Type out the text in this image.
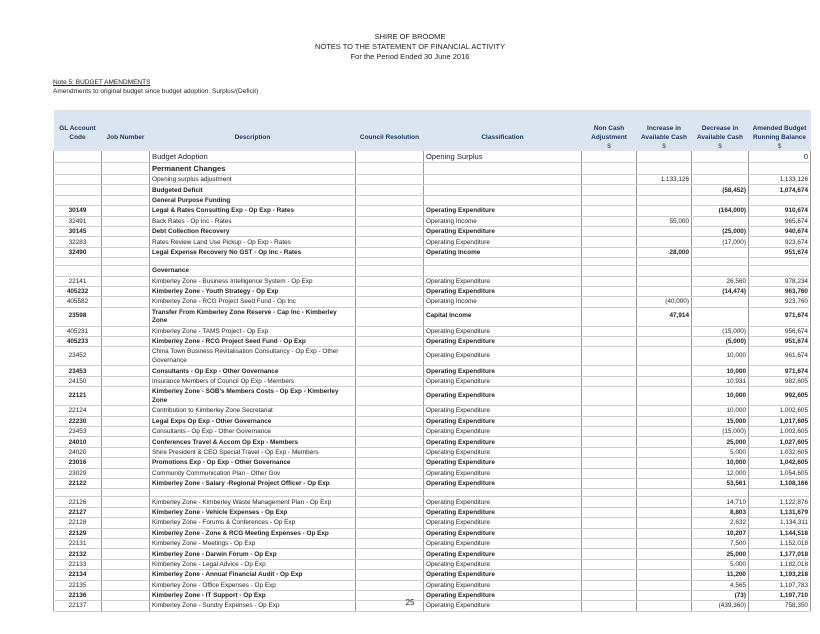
SHIRE OF BROOME
NOTES TO THE STATEMENT OF FINANCIAL ACTIVITY
For the Period Ended 30 June 2016
Note 5: BUDGET AMENDMENTS
Amendments to original budget since budget adoption. Surplus/(Deficit)
GL Account Code	Job Number	Description	Council Resolution	Classification	Non Cash Adjustment	Increase in Available Cash	Decrease in Available Cash	Amended Budget Running Balance
					$	$	$	$
		Budget Adoption		Opening Surplus				0
		Permanent Changes						
		Opening surplus adjustment				1,133,126		1,133,126
		Budgeted Deficit					(58,452)	1,074,674
		General Purpose Funding						
30149		Legal & Rates Consulting Exp - Op Exp - Rates		Operating Expenditure			(164,000)	910,674
32491		Back Rates - Op Inc - Rates		Operating Income		55,000		965,674
30145		Debt Collection Recovery		Operating Expenditure			(25,000)	940,674
32283		Rates Review Land Use Pickup - Op Exp - Rates		Operating Expenditure			(17,000)	923,674
32490		Legal Expense Recovery No GST - Op Inc - Rates		Operating Income		28,000		951,674

		Governance						
22141		Kimberley Zone - Business Intelligence System - Op Exp		Operating Expenditure			26,560	978,234
405232		Kimberley Zone - Youth Strategy - Op Exp		Operating Expenditure			(14,474)	963,760
405582		Kimberley Zone - RCG Project Seed Fund - Op Inc		Operating Income		(40,000)		923,760
23598		Transfer From Kimberley Zone Reserve - Cap Inc - Kimberley Zone		Capital Income		47,914		971,674
405231		Kimberley Zone - TAMS Project - Op Exp		Operating Expenditure			(15,000)	956,674
405233		Kimberley Zone - RCG Project Seed Fund - Op Exp		Operating Expenditure			(5,000)	951,674
23452		China Town Business Revitalisation Consultancy - Op Exp - Other Governance		Operating Expenditure			10,000	961,674
23453		Consultants - Op Exp - Other Governance		Operating Expenditure			10,000	971,674
24150		Insurance Members of Council Op Exp - Members		Operating Expenditure			10,931	982,605
22121		Kimberley Zone - SOB's Members Costs - Op Exp - Kimberley Zone		Operating Expenditure			10,000	992,605
22124		Contribution to Kimberley Zone Secretariat		Operating Expenditure			10,000	1,002,605
22230		Legal Exps Op Exp - Other Governance		Operating Expenditure			15,000	1,017,605
23453		Consultants - Op Exp - Other Governance		Operating Expenditure			(15,000)	1,002,605
24010		Conferences Travel & Accom Op Exp - Members		Operating Expenditure			25,000	1,027,605
24020		Shire President & CEO Special Travel - Op Exp - Members		Operating Expenditure			5,000	1,032,605
23016		Promotions Exp - Op Exp - Other Governance		Operating Expenditure			10,000	1,042,605
23029		Community Communication Plan - Other Gov		Operating Expenditure			12,000	1,054,605
22122		Kimberley Zone - Salary -Regional Project Officer - Op Exp		Operating Expenditure			53,561	1,108,166

22126		Kimberley Zone - Kimberley Waste Management Plan - Op Exp		Operating Expenditure			14,710	1,122,876
22127		Kimberley Zone - Vehicle Expenses - Op Exp		Operating Expenditure			8,803	1,131,679
22128		Kimberley Zone - Forums & Conferences - Op Exp		Operating Expenditure			2,632	1,134,311
22129		Kimberley Zone - Zone & RCG Meeting Expenses - Op Exp		Operating Expenditure			10,207	1,144,518
22131		Kimberley Zone - Meetings - Op Exp		Operating Expenditure			7,500	1,152,018
22132		Kimberley Zone - Darwin Forum - Op Exp		Operating Expenditure			25,000	1,177,018
22133		Kimberley Zone - Legal Advice - Op Exp		Operating Expenditure			5,000	1,182,018
22134		Kimberley Zone - Annual Financial Audit - Op Exp		Operating Expenditure			11,200	1,193,218
22135		Kimberley Zone - Office Expenses - Op Exp		Operating Expenditure			4,565	1,197,783
22136		Kimberley Zone - IT Support - Op Exp		Operating Expenditure			(73)	1,197,710
22137		Kimberley Zone - Sundry Expenses - Op Exp		Operating Expenditure			(439,360)	758,350
25
